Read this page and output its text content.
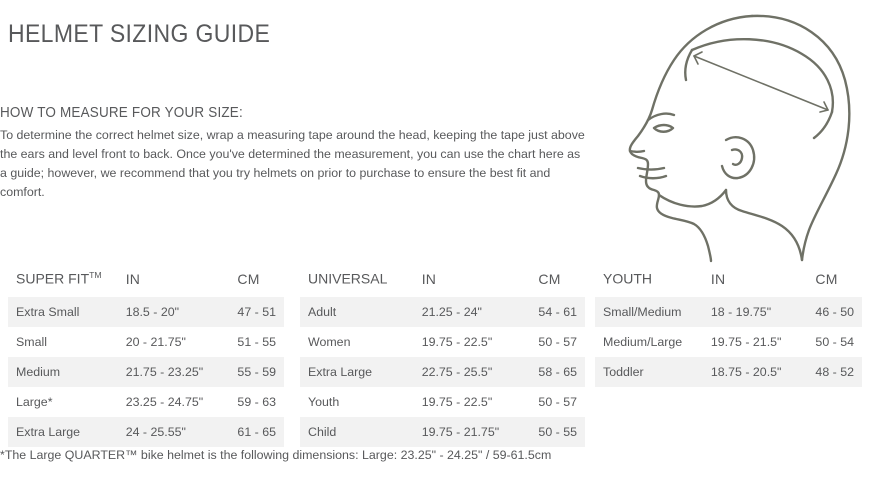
HELMET SIZING GUIDE
HOW TO MEASURE FOR YOUR SIZE:
To determine the correct helmet size, wrap a measuring tape around the head, keeping the tape just above the ears and level front to back. Once you've determined the measurement, you can use the chart here as a guide; however, we recommend that you try helmets on prior to purchase to ensure the best fit and comfort.
SUPER FIT™	IN	CM
Extra Small	18.5 - 20"	47 - 51
Small	20 - 21.75"	51 - 55
Medium	21.75 - 23.25"	55 - 59
Large*	23.25 - 24.75"	59 - 63
Extra Large	24 - 25.55"	61 - 65
UNIVERSAL	IN	CM
Adult	21.25 - 24"	54 - 61
Women	19.75 - 22.5"	50 - 57
Extra Large	22.75 - 25.5"	58 - 65
Youth	19.75 - 22.5"	50 - 57
Child	19.75 - 21.75"	50 - 55
YOUTH	IN	CM
Small/Medium	18 - 19.75"	46 - 50
Medium/Large	19.75 - 21.5"	50 - 54
Toddler	18.75 - 20.5"	48 - 52
*The Large QUARTER™ bike helmet is the following dimensions: Large: 23.25" - 24.25" / 59-61.5cm
